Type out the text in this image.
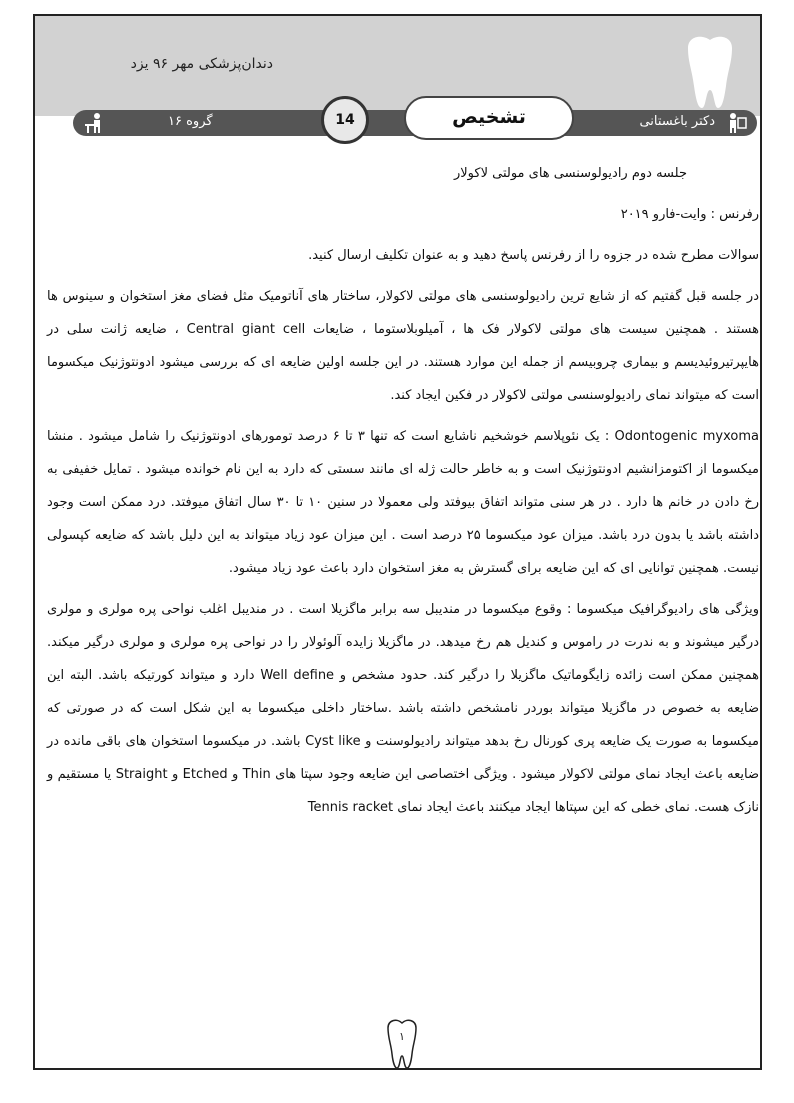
دندان‌پزشکی مهر ۹۶ یزد
دکتر باغستانی
گروه ۱۶	تشخیص
14

جلسه دوم رادیولوسنسی های مولتی لاکولار

رفرنس : وایت-فارو ۲۰۱۹

سوالات مطرح شده در جزوه را از رفرنس پاسخ دهید و به عنوان تکلیف ارسال کنید.

در جلسه قبل گفتیم که از شایع ترین رادیولوسنسی های مولتی لاکولار، ساختار های آناتومیک مثل فضای مغز استخوان و سینوس ها هستند . همچنین سیست های مولتی لاکولار فک ها ، آمیلوبلاستوما ، ضایعات Central giant cell ، ضایعه ژانت سلی در هایپرتیروئیدیسم و بیماری چروبیسم از جمله این موارد هستند. در این جلسه اولین ضایعه ای که بررسی میشود ادونتوژنیک میکسوما است که میتواند نمای رادیولوسنسی مولتی لاکولار در فکین ایجاد کند.

Odontogenic myxoma : یک نئوپلاسم خوشخیم ناشایع است که تنها ۳ تا ۶ درصد تومورهای ادونتوژنیک را شامل میشود . منشا میکسوما از اکتومزانشیم ادونتوژنیک است و به خاطر حالت ژله ای مانند سستی که دارد به این نام خوانده میشود . تمایل خفیفی به رخ دادن در خانم ها دارد . در هر سنی متواند اتفاق بیوفتد ولی معمولا در سنین ۱۰ تا ۳۰ سال اتفاق میوفتد. درد ممکن است وجود داشته باشد یا بدون درد باشد. میزان عود میکسوما ۲۵ درصد است . این میزان عود زیاد میتواند به این دلیل باشد که ضایعه کپسولی نیست. همچنین توانایی ای که این ضایعه برای گسترش به مغز استخوان دارد باعث عود زیاد میشود.

ویژگی های رادیوگرافیک میکسوما : وقوع میکسوما در مندیبل سه برابر ماگزیلا است . در مندیبل اغلب نواحی پره مولری و مولری درگیر میشوند و به ندرت در راموس و کندیل هم رخ میدهد. در ماگزیلا زایده آلوئولار را در نواحی پره مولری و مولری درگیر میکند. همچنین ممکن است زائده زایگوماتیک ماگزیلا را درگیر کند. حدود مشخص و Well define دارد و میتواند کورتیکه باشد. البته این ضایعه به خصوص در ماگزیلا میتواند بوردر نامشخص داشته باشد .ساختار داخلی میکسوما به این شکل است که در صورتی که میکسوما به صورت یک ضایعه پری کورنال رخ بدهد میتواند رادیولوسنت و Cyst like باشد. در میکسوما استخوان های باقی مانده در ضایعه باعث ایجاد نمای مولتی لاکولار میشود . ویژگی اختصاصی این ضایعه وجود سپتا های Thin و Etched و Straight یا مستقیم و نازک هست. نمای خطی که این سپتاها ایجاد میکنند باعث ایجاد نمای Tennis racket

۱
